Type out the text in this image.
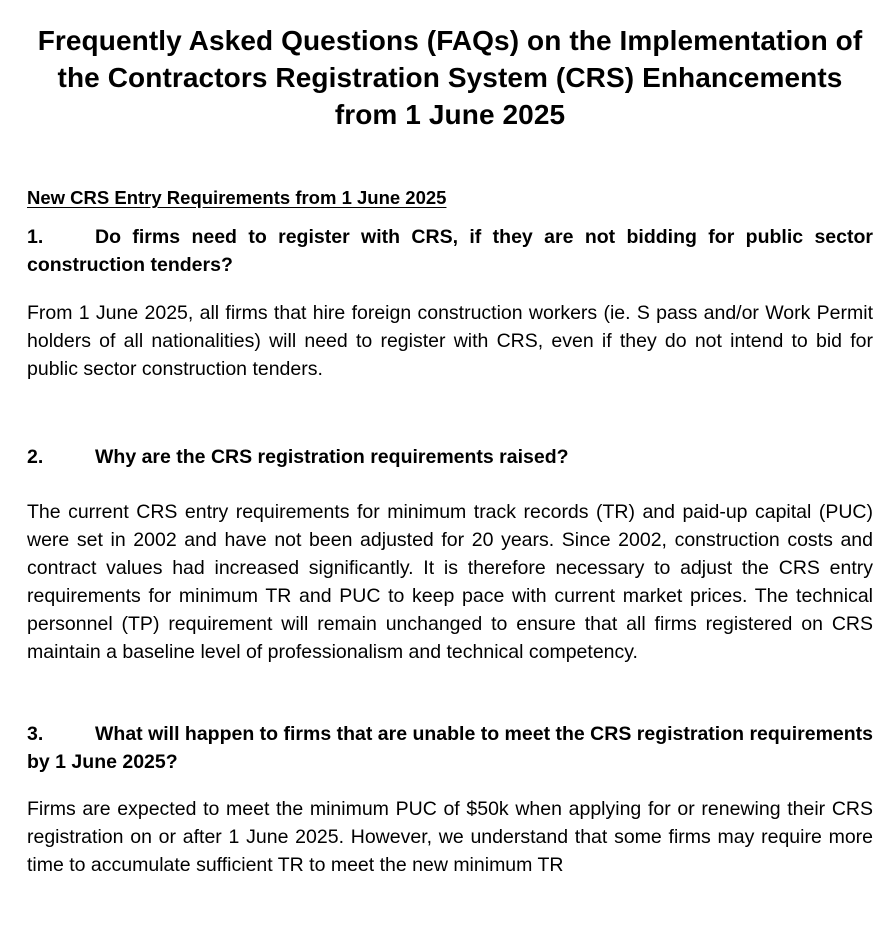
Frequently Asked Questions (FAQs) on the Implementation of the Contractors Registration System (CRS) Enhancements from 1 June 2025
New CRS Entry Requirements from 1 June 2025
1.	Do firms need to register with CRS, if they are not bidding for public sector construction tenders?
From 1 June 2025, all firms that hire foreign construction workers (ie. S pass and/or Work Permit holders of all nationalities) will need to register with CRS, even if they do not intend to bid for public sector construction tenders.
2.	Why are the CRS registration requirements raised?
The current CRS entry requirements for minimum track records (TR) and paid-up capital (PUC) were set in 2002 and have not been adjusted for 20 years. Since 2002, construction costs and contract values had increased significantly. It is therefore necessary to adjust the CRS entry requirements for minimum TR and PUC to keep pace with current market prices. The technical personnel (TP) requirement will remain unchanged to ensure that all firms registered on CRS maintain a baseline level of professionalism and technical competency.
3.	What will happen to firms that are unable to meet the CRS registration requirements by 1 June 2025?
Firms are expected to meet the minimum PUC of $50k when applying for or renewing their CRS registration on or after 1 June 2025. However, we understand that some firms may require more time to accumulate sufficient TR to meet the new minimum TR
